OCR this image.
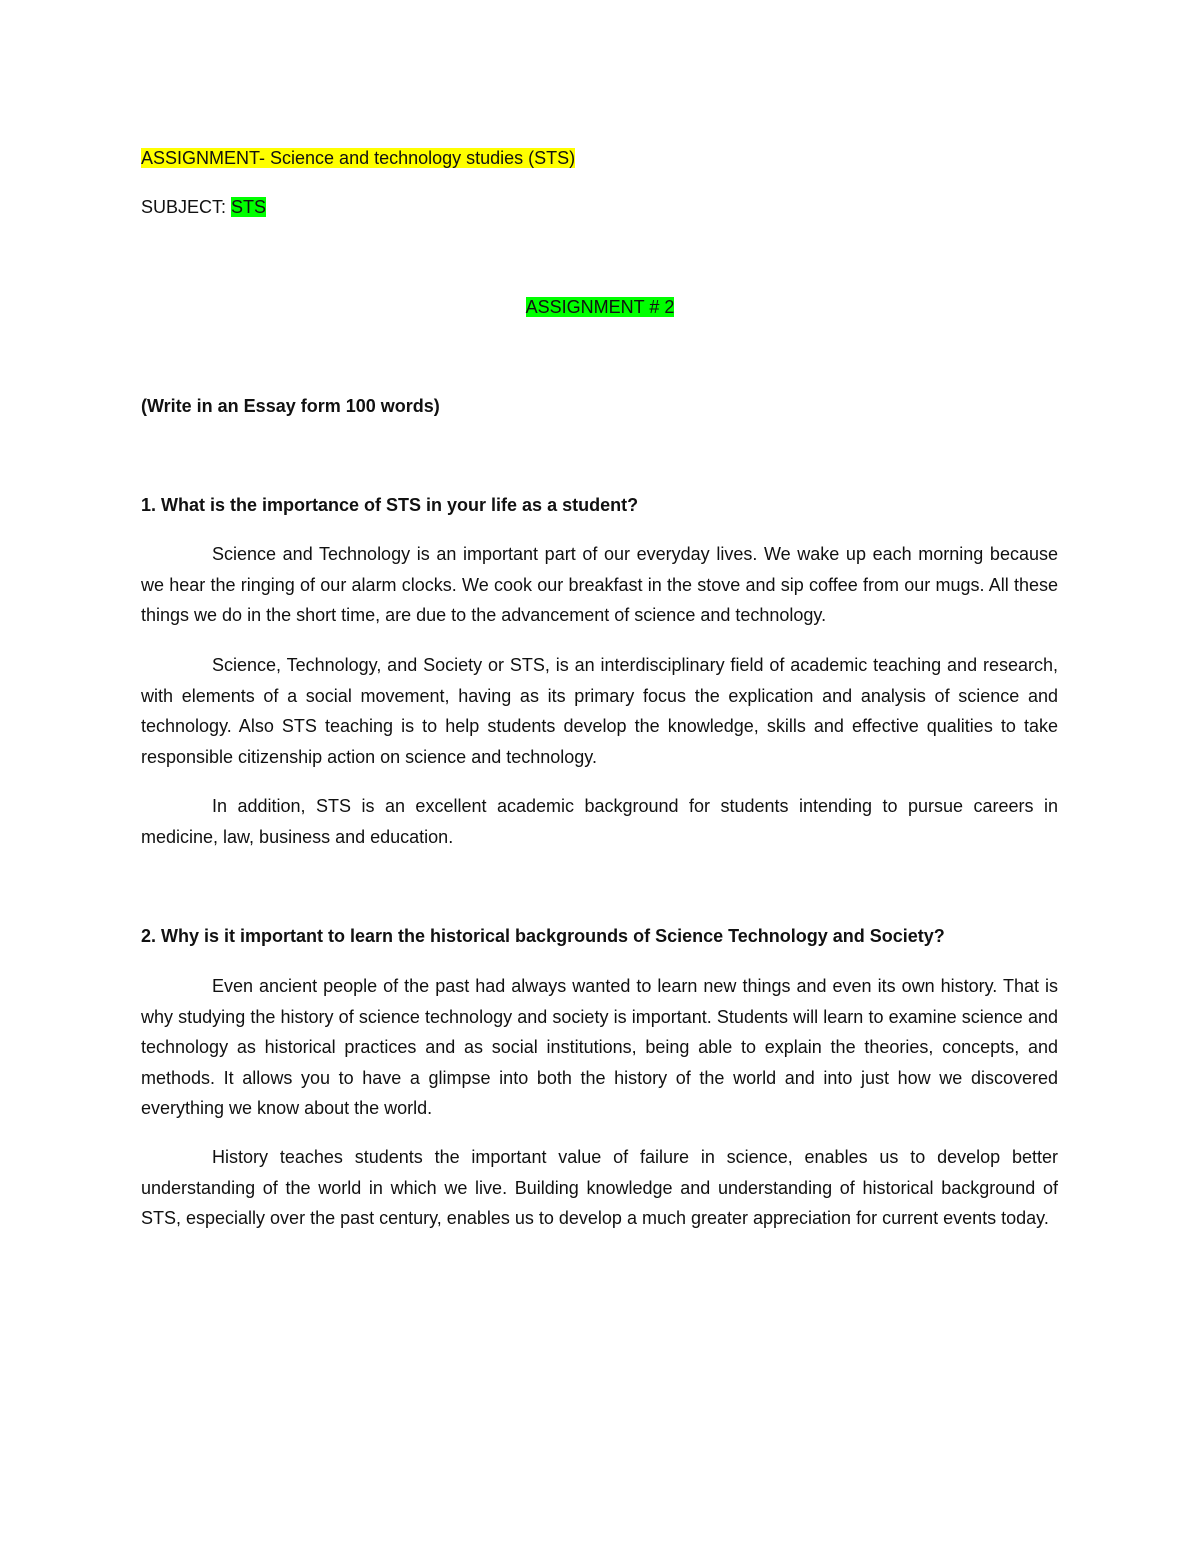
ASSIGNMENT- Science and technology studies (STS)
SUBJECT: STS
ASSIGNMENT # 2
(Write in an Essay form 100 words)
1. What is the importance of STS in your life as a student?

Science and Technology is an important part of our everyday lives. We wake up each morning because we hear the ringing of our alarm clocks. We cook our breakfast in the stove and sip coffee from our mugs. All these things we do in the short time, are due to the advancement of science and technology.

Science, Technology, and Society or STS, is an interdisciplinary field of academic teaching and research, with elements of a social movement, having as its primary focus the explication and analysis of science and technology. Also STS teaching is to help students develop the knowledge, skills and effective qualities to take responsible citizenship action on science and technology.

In addition, STS is an excellent academic background for students intending to pursue careers in medicine, law, business and education.

2. Why is it important to learn the historical backgrounds of Science Technology and Society?

Even ancient people of the past had always wanted to learn new things and even its own history. That is why studying the history of science technology and society is important. Students will learn to examine science and technology as historical practices and as social institutions, being able to explain the theories, concepts, and methods. It allows you to have a glimpse into both the history of the world and into just how we discovered everything we know about the world.

History teaches students the important value of failure in science, enables us to develop better understanding of the world in which we live. Building knowledge and understanding of historical background of STS, especially over the past century, enables us to develop a much greater appreciation for current events today.
